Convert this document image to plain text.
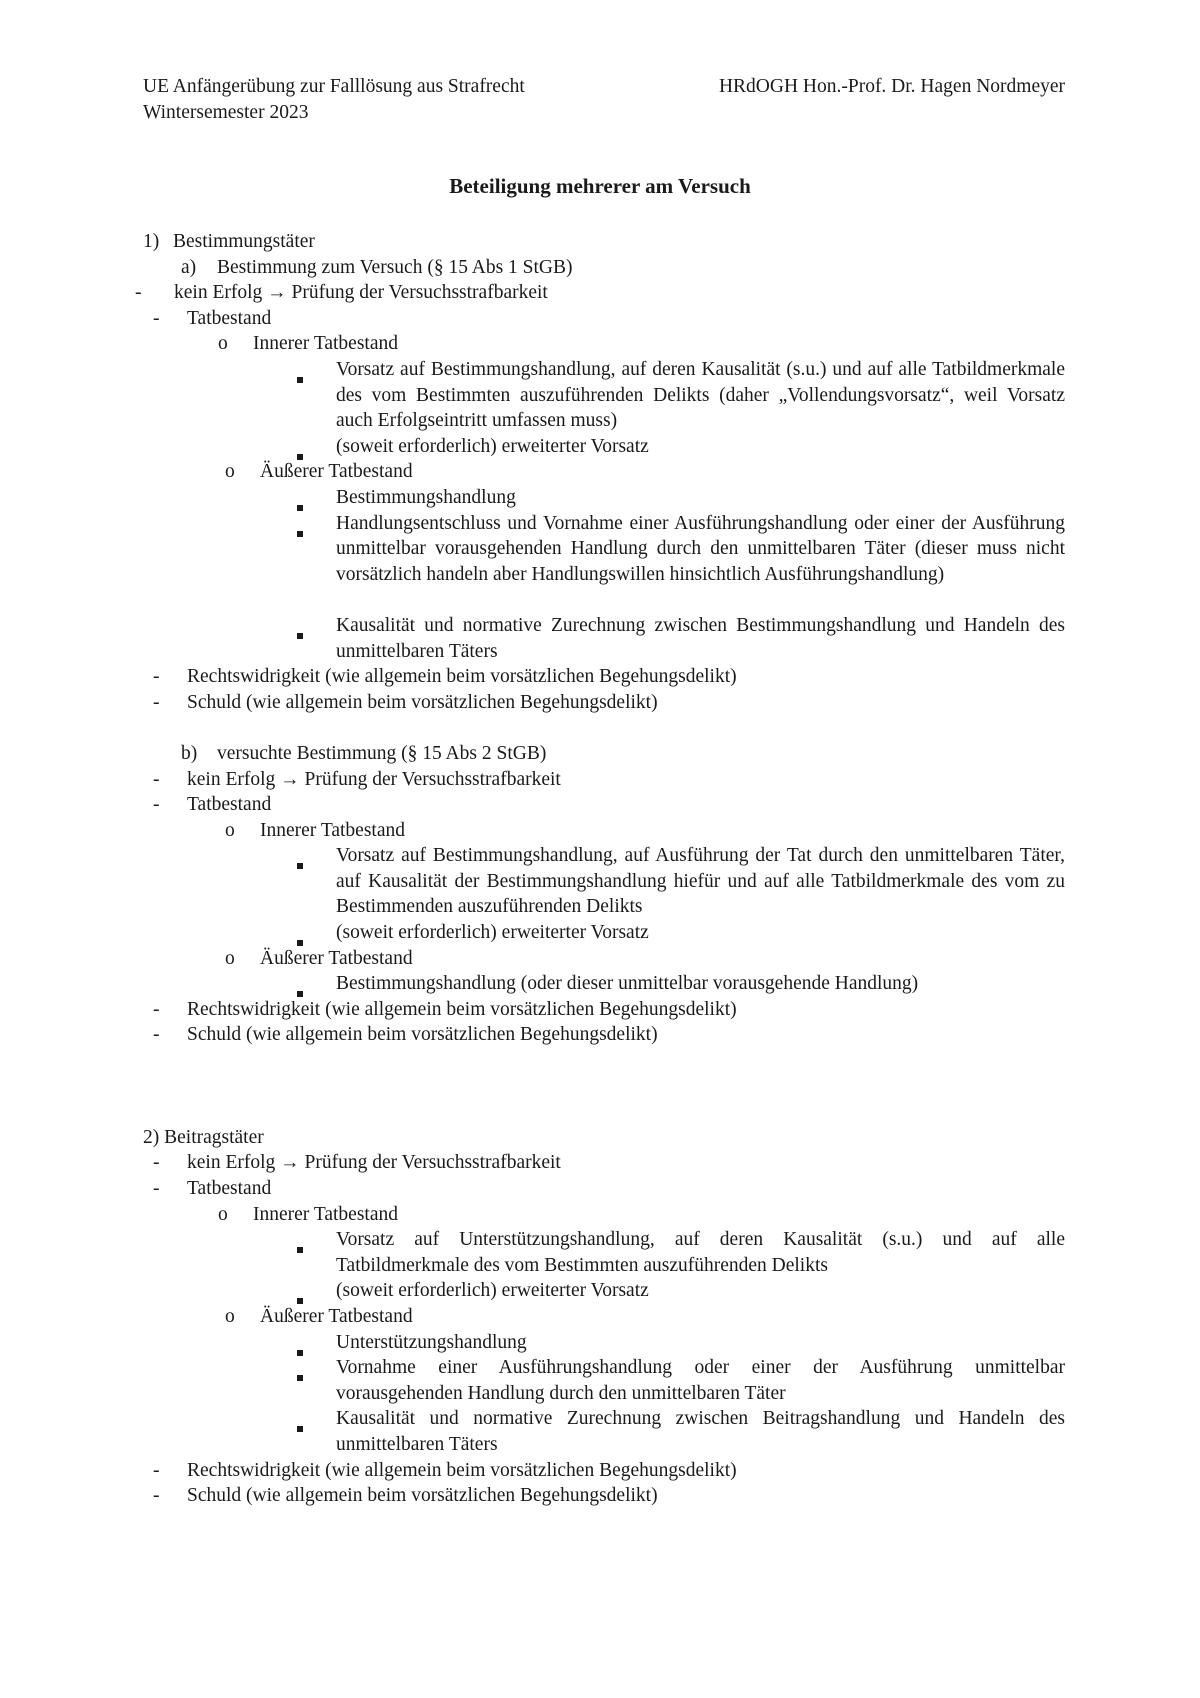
UE Anfängerübung zur Falllösung aus Strafrecht
Wintersemester 2023
HRdOGH Hon.-Prof. Dr. Hagen Nordmeyer
Beteiligung mehrerer am Versuch
1) Bestimmungstäter
a) Bestimmung zum Versuch (§ 15 Abs 1 StGB)
- kein Erfolg → Prüfung der Versuchsstrafbarkeit
- Tatbestand
o Innerer Tatbestand
Vorsatz auf Bestimmungshandlung, auf deren Kausalität (s.u.) und auf alle Tatbildmerkmale des vom Bestimmten auszuführenden Delikts (daher „Vollendungsvorsatz“, weil Vorsatz auch Erfolgseintritt umfassen muss)
(soweit erforderlich) erweiterter Vorsatz
o Äußerer Tatbestand
Bestimmungshandlung
Handlungsentschluss und Vornahme einer Ausführungshandlung oder einer der Ausführung unmittelbar vorausgehenden Handlung durch den unmittelbaren Täter (dieser muss nicht vorsätzlich handeln aber Handlungswillen hinsichtlich Ausführungshandlung)
Kausalität und normative Zurechnung zwischen Bestimmungshandlung und Handeln des unmittelbaren Täters
- Rechtswidrigkeit (wie allgemein beim vorsätzlichen Begehungsdelikt)
- Schuld (wie allgemein beim vorsätzlichen Begehungsdelikt)
b) versuchte Bestimmung (§ 15 Abs 2 StGB)
- kein Erfolg → Prüfung der Versuchsstrafbarkeit
- Tatbestand
o Innerer Tatbestand
Vorsatz auf Bestimmungshandlung, auf Ausführung der Tat durch den unmittelbaren Täter, auf Kausalität der Bestimmungshandlung hiefür und auf alle Tatbildmerkmale des vom zu Bestimmenden auszuführenden Delikts
(soweit erforderlich) erweiterter Vorsatz
o Äußerer Tatbestand
Bestimmungshandlung (oder dieser unmittelbar vorausgehende Handlung)
- Rechtswidrigkeit (wie allgemein beim vorsätzlichen Begehungsdelikt)
- Schuld (wie allgemein beim vorsätzlichen Begehungsdelikt)
2) Beitragstäter
- kein Erfolg → Prüfung der Versuchsstrafbarkeit
- Tatbestand
o Innerer Tatbestand
Vorsatz auf Unterstützungshandlung, auf deren Kausalität (s.u.) und auf alle Tatbildmerkmale des vom Bestimmten auszuführenden Delikts
(soweit erforderlich) erweiterter Vorsatz
o Äußerer Tatbestand
Unterstützungshandlung
Vornahme einer Ausführungshandlung oder einer der Ausführung unmittelbar vorausgehenden Handlung durch den unmittelbaren Täter
Kausalität und normative Zurechnung zwischen Beitragshandlung und Handeln des unmittelbaren Täters
- Rechtswidrigkeit (wie allgemein beim vorsätzlichen Begehungsdelikt)
- Schuld (wie allgemein beim vorsätzlichen Begehungsdelikt)
